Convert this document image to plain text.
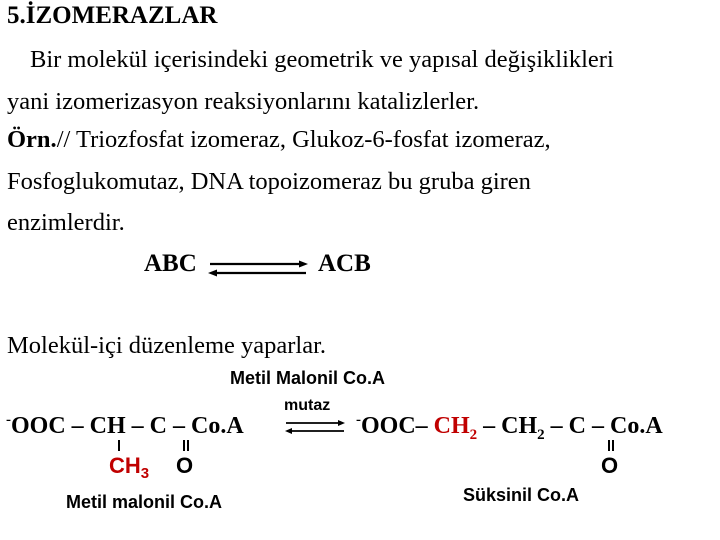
5.İZOMERAZLAR
Bir molekül içerisindeki geometrik ve yapısal değişiklikleri
yani izomerizasyon reaksiyonlarını katalizlerler.
Örn.// Triozfosfat izomeraz, Glukoz-6-fosfat izomeraz,
Fosfoglukomutaz, DNA topoizomeraz bu gruba giren
enzimlerdir.
ABC	ACB
Molekül-içi düzenleme yaparlar.
Metil Malonil Co.A
mutaz
-OOC – CH – C – Co.A ⇌ -OOC– $CH_2 - CH_2$ – C – Co.A
$CH_3$ O	O
Metil malonil Co.A	Süksinil Co.A
